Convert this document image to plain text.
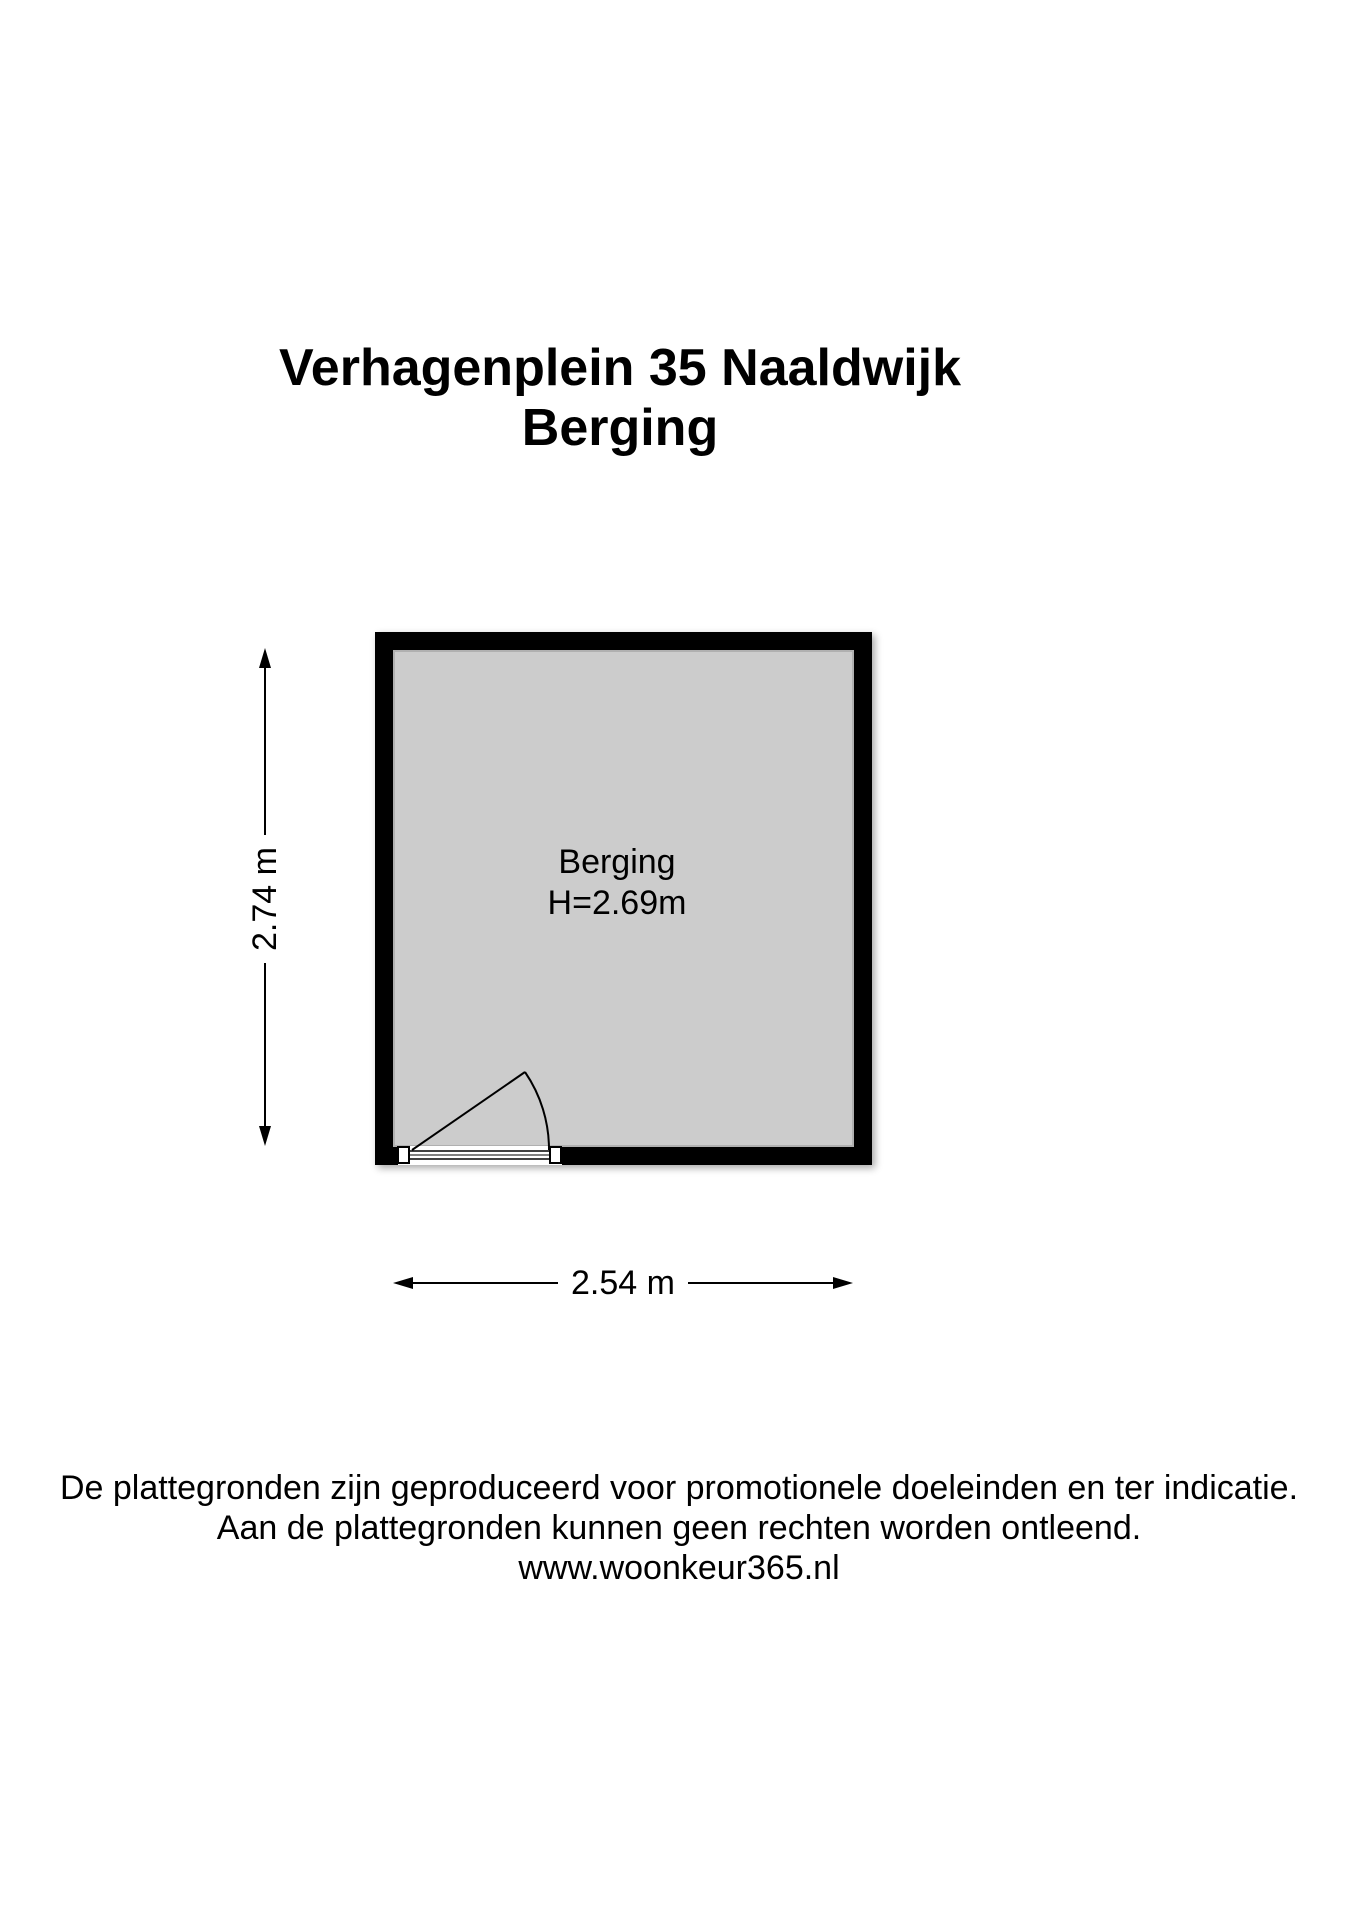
Verhagenplein 35 Naaldwijk
Berging
Berging
H=2.69m
2.74 m
2.54 m

De plattegronden zijn geproduceerd voor promotionele doeleinden en ter indicatie.

Aan de plattegronden kunnen geen rechten worden ontleend.

www.woonkeur365.nl
